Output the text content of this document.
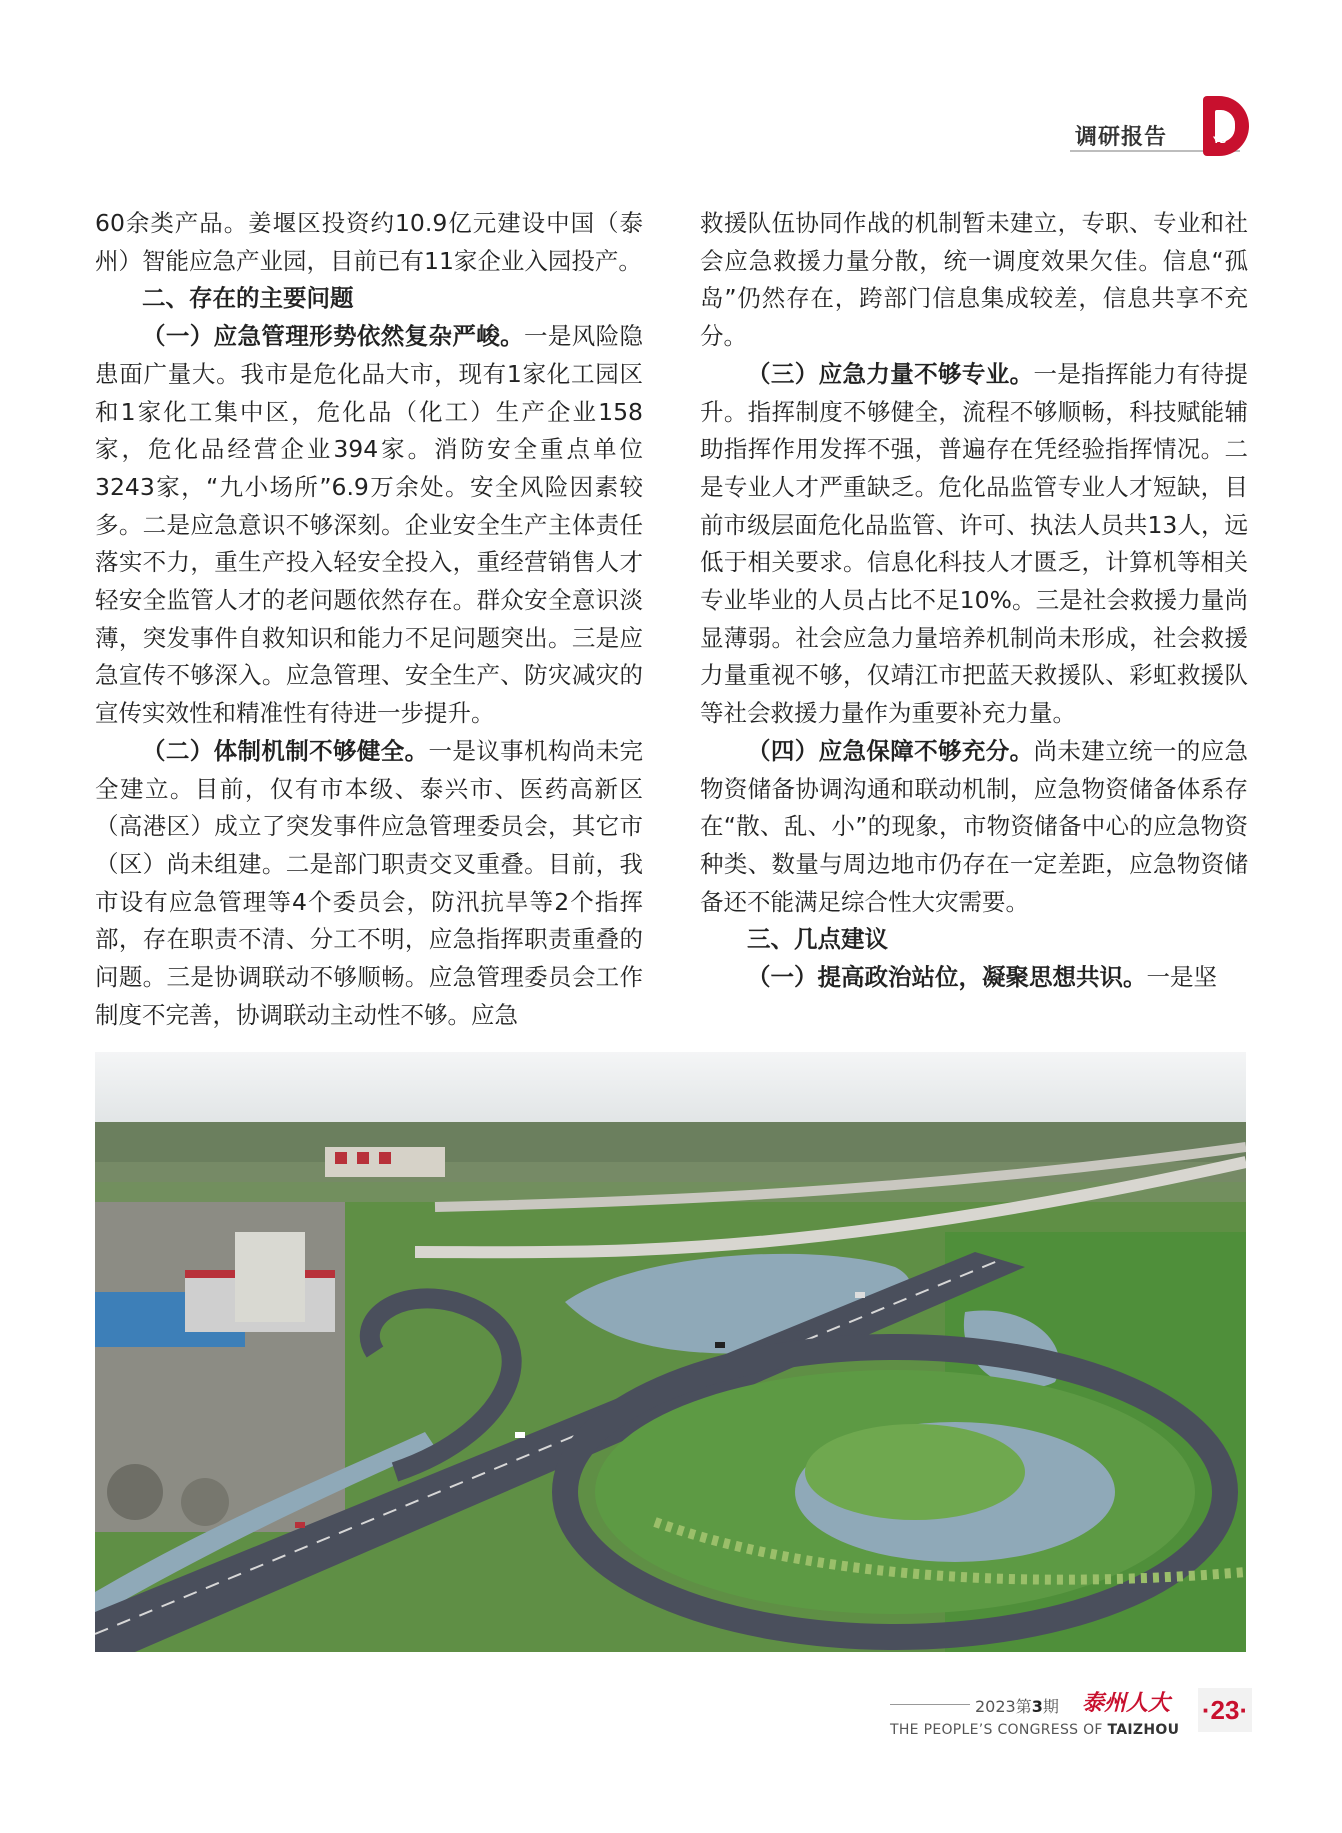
调研报告	YB

60余类产品。姜堰区投资约10.9亿元建设中国（泰州）智能应急产业园，目前已有11家企业入园投产。

二、存在的主要问题

（一）应急管理形势依然复杂严峻。一是风险隐患面广量大。我市是危化品大市，现有1家化工园区和1家化工集中区，危化品（化工）生产企业158家，危化品经营企业394家。消防安全重点单位3243家，“九小场所”6.9万余处。安全风险因素较多。二是应急意识不够深刻。企业安全生产主体责任落实不力，重生产投入轻安全投入，重经营销售人才轻安全监管人才的老问题依然存在。群众安全意识淡薄，突发事件自救知识和能力不足问题突出。三是应急宣传不够深入。应急管理、安全生产、防灾减灾的宣传实效性和精准性有待进一步提升。

（二）体制机制不够健全。一是议事机构尚未完全建立。目前，仅有市本级、泰兴市、医药高新区（高港区）成立了突发事件应急管理委员会，其它市（区）尚未组建。二是部门职责交叉重叠。目前，我市设有应急管理等4个委员会，防汛抗旱等2个指挥部，存在职责不清、分工不明，应急指挥职责重叠的问题。三是协调联动不够顺畅。应急管理委员会工作制度不完善，协调联动主动性不够。应急

救援队伍协同作战的机制暂未建立，专职、专业和社会应急救援力量分散，统一调度效果欠佳。信息“孤岛”仍然存在，跨部门信息集成较差，信息共享不充分。

（三）应急力量不够专业。一是指挥能力有待提升。指挥制度不够健全，流程不够顺畅，科技赋能辅助指挥作用发挥不强，普遍存在凭经验指挥情况。二是专业人才严重缺乏。危化品监管专业人才短缺，目前市级层面危化品监管、许可、执法人员共13人，远低于相关要求。信息化科技人才匮乏，计算机等相关专业毕业的人员占比不足10%。三是社会救援力量尚显薄弱。社会应急力量培养机制尚未形成，社会救援力量重视不够，仅靖江市把蓝天救援队、彩虹救援队等社会救援力量作为重要补充力量。

（四）应急保障不够充分。尚未建立统一的应急物资储备协调沟通和联动机制，应急物资储备体系存在“散、乱、小”的现象，市物资储备中心的应急物资种类、数量与周边地市仍存在一定差距，应急物资储备还不能满足综合性大灾需要。

三、几点建议

（一）提高政治站位，凝聚思想共识。一是坚

2023第3期 泰州人大
THE PEOPLE’S CONGRESS OF TAIZHOU
·23·
